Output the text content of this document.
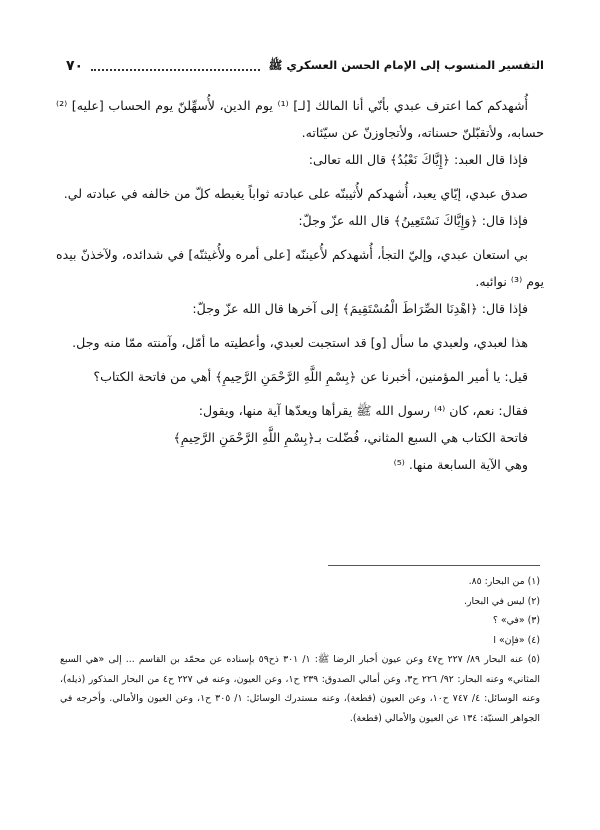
٧٠	التفسير المنسوب إلى الإمام الحسن العسكري ﷺ

أُشهدكم كما اعترف عبدي بأنّي أنا المالك [لـ] ⁽¹⁾ يوم الدين، لأُسهِّلنّ يوم الحساب [عليه] ⁽²⁾ حسابه، ولأتقبّلنّ حسناته، ولأتجاوزنّ عن سيّئاته.

فإذا قال العبد: ﴿إِيَّاكَ نَعْبُدُ﴾ قال الله تعالى:

صدق عبدي، إيّاي يعبد، أُشهدكم لأُثيبنّه على عبادته ثواباً يغبطه كلّ من خالفه في عبادته لي.

فإذا قال: ﴿وَإِيَّاكَ نَسْتَعِينُ﴾ قال الله عزّ وجلّ:

بي استعان عبدي، وإليّ التجأ، أُشهدكم لأُعيننّه [على أمره ولأُغيثنّه] في شدائده، ولآخذنّ بيده يوم ⁽³⁾ نوائبه.

فإذا قال: ﴿اهْدِنَا الصِّرَاطَ الْمُسْتَقِيمَ﴾ إلى آخرها قال الله عزّ وجلّ:

هذا لعبدي، ولعبدي ما سأل [و] قد استجبت لعبدي، وأعطيته ما أمّل، وآمنته ممّا منه وجل.

قيل: يا أمير المؤمنين، أخبرنا عن ﴿بِسْمِ اللَّهِ الرَّحْمَنِ الرَّحِيمِ﴾ أهي من فاتحة الكتاب؟

فقال: نعم، كان ⁽⁴⁾ رسول الله ﷺ يقرأها ويعدّها آية منها، ويقول:

فاتحة الكتاب هي السبع المثاني، فُضّلت بـ﴿بِسْمِ اللَّهِ الرَّحْمَنِ الرَّحِيمِ﴾

وهي الآية السابعة منها. ⁽⁵⁾

(١) من البحار: ٨٥.

(٢) ليس في البحار.

(٣) «في» ؟

(٤) «فإن» ا

(٥) عنه البحار ٨٩/ ٢٢٧ ح٤٧ وعن عيون أخبار الرضا ﷺ: ١/ ٣٠١ ذح٥٩ بإسناده عن محمّد بن القاسم ... إلى «هي السبع المثاني» وعنه البحار: ٩٢/ ٢٢٦ ح٣، وعن أمالي الصدوق: ٢٣٩ ح١، وعن العيون، وعنه في ٢٢٧ ح٤ من البحار المذكور (ذيله)، وعنه الوسائل: ٤/ ٧٤٧ ح١٠، وعن العيون (قطعة)، وعنه مستدرك الوسائل: ١/ ٣٠٥ ح١، وعن العيون والأمالي. وأخرجه في الجواهر السنيّة: ١٣٤ عن العيون والأمالي (قطعة).
